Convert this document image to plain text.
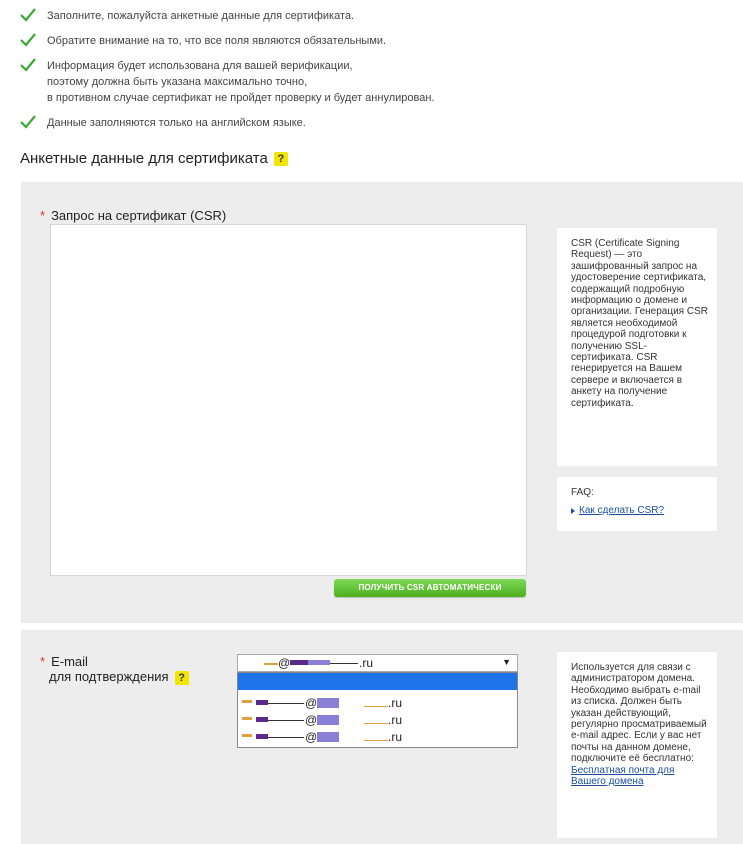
Заполните, пожалуйста анкетные данные для сертификата.
Обратите внимание на то, что все поля являются обязательными.
Информация будет использована для вашей верификации,
поэтому должна быть указана максимально точно,
в противном случае сертификат не пройдет проверку и будет аннулирован.
Данные заполняются только на английском языке.
Анкетные данные для сертификата ?
* Запрос на сертификат (CSR)
ПОЛУЧИТЬ CSR АВТОМАТИЧЕСКИ
CSR (Certificate Signing Request) — это зашифрованный запрос на удостоверение сертификата, содержащий подробную информацию о домене и организации. Генерация CSR является необходимой процедурой подготовки к получению SSL-сертификата. CSR генерируется на Вашем сервере и включается в анкету на получение сертификата.
FAQ:
Как сделать CSR?
* E-mail
для подтверждения ?
@	.ru	▼
@	.ru
@	.ru
@	.ru
Используется для связи с администратором домена. Необходимо выбрать e-mail из списка. Должен быть указан действующий, регулярно просматриваемый e-mail адрес. Если у вас нет почты на данном домене, подключите её бесплатно:
Бесплатная почта для Вашего домена
